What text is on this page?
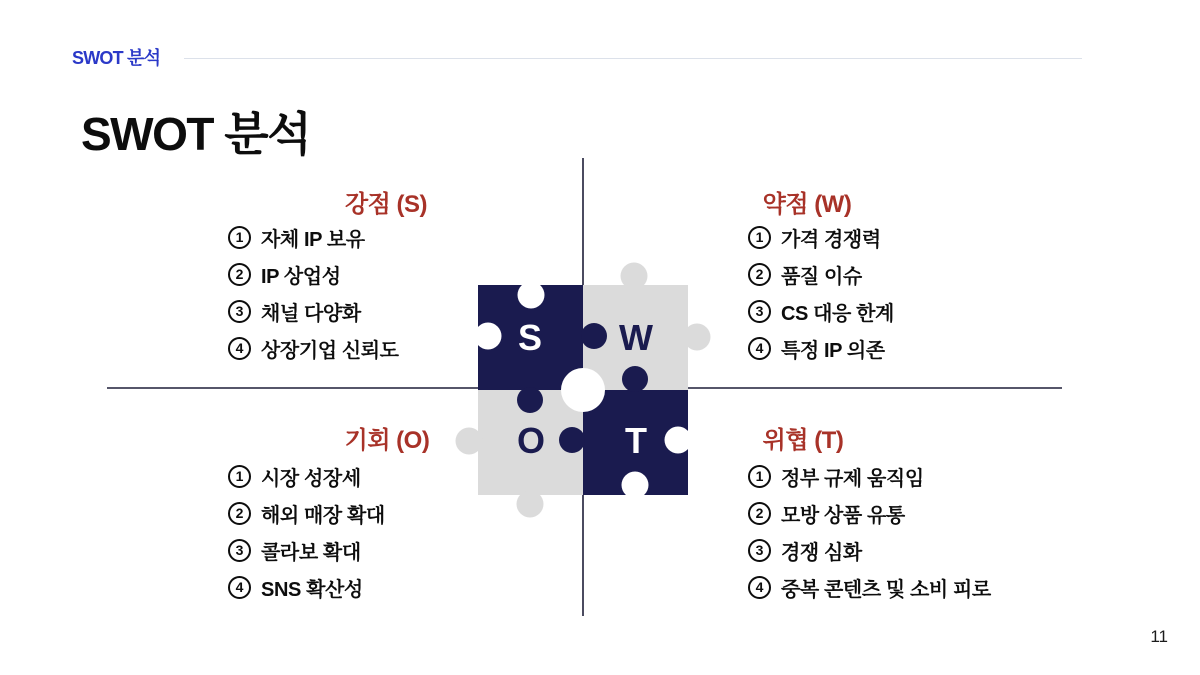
SWOT 분석
SWOT 분석
S W
O T
강점 (S)
1 자체 IP 보유
2 IP 상업성
3 채널 다양화
4 상장기업 신뢰도
약점 (W)
1 가격 경쟁력
2 품질 이슈
3 CS 대응 한계
4 특정 IP 의존
기회 (O)
1 시장 성장세
2 해외 매장 확대
3 콜라보 확대
4 SNS 확산성
위협 (T)
1 정부 규제 움직임
2 모방 상품 유통
3 경쟁 심화
4 중복 콘텐츠 및 소비 피로
11
